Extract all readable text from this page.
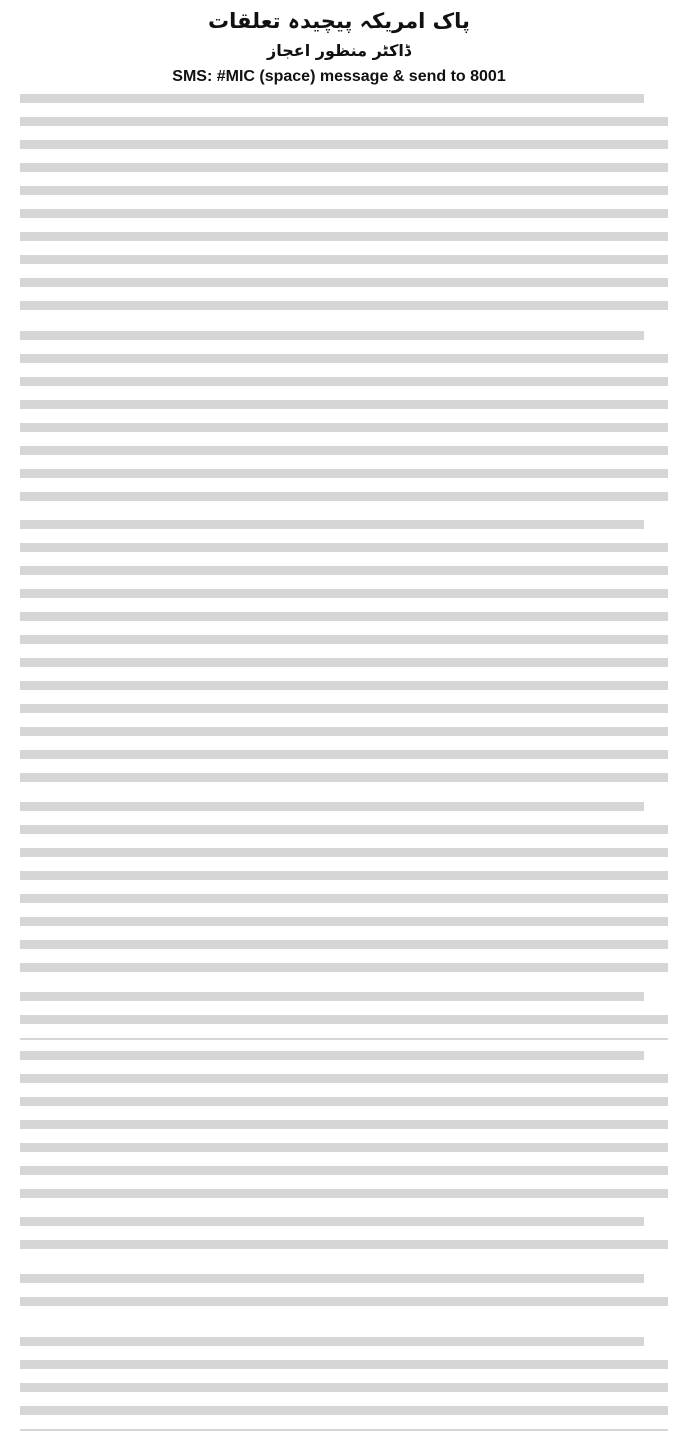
پاک امریکہ پیچیدہ تعلقات
ڈاکٹر منظور اعجاز
SMS: #MIC (space) message & send to 8001
